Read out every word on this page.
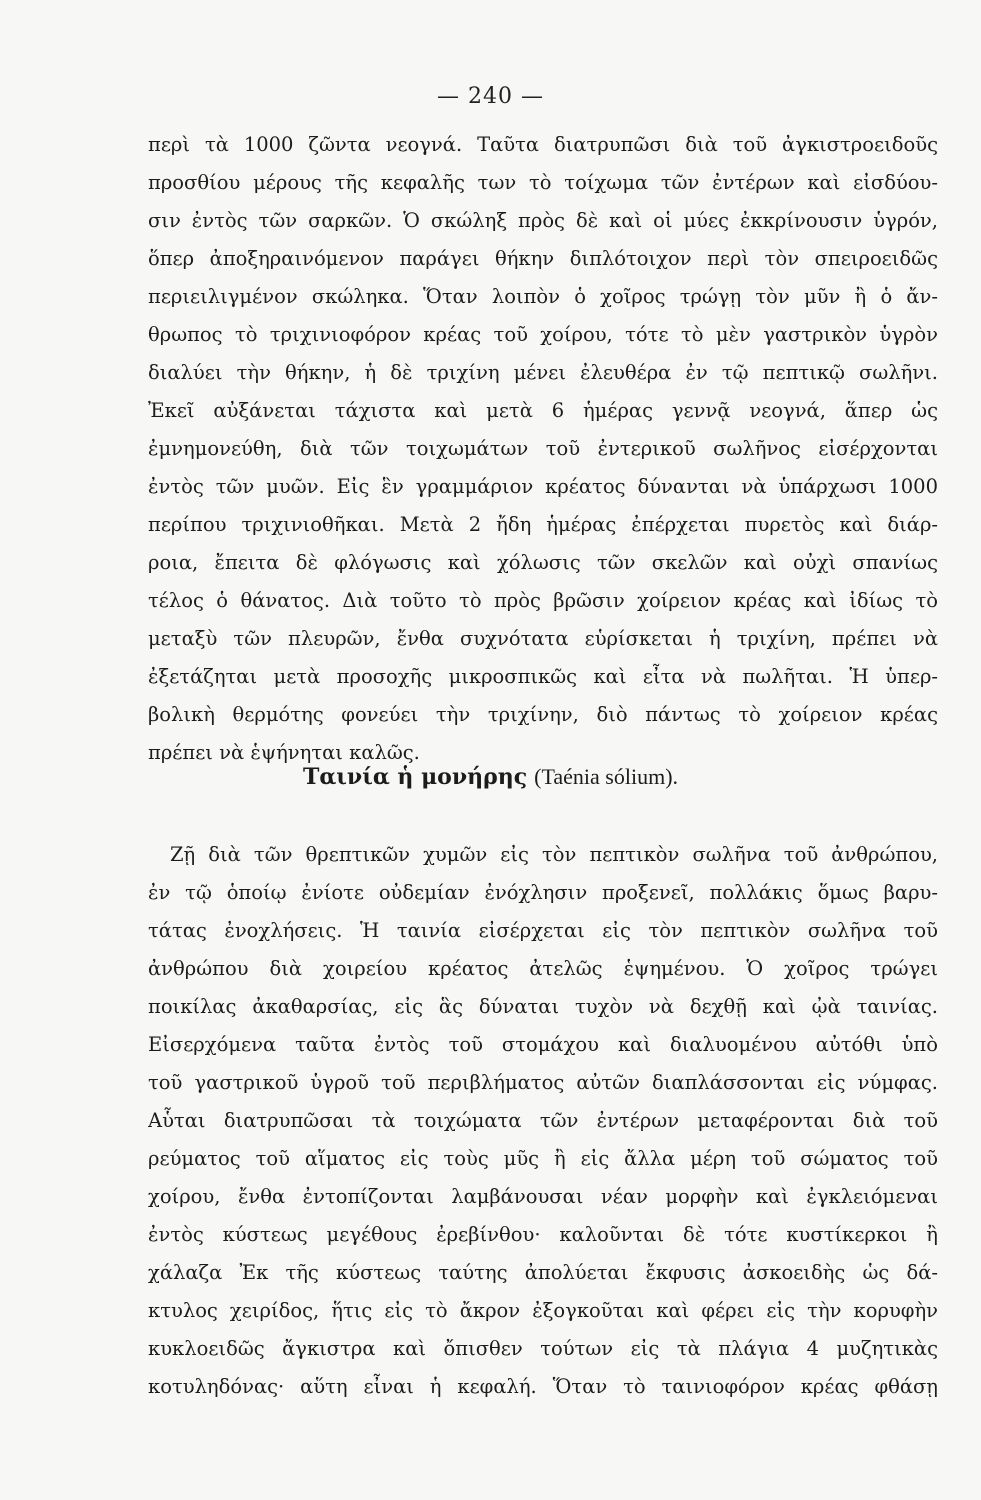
— 240 —
περὶ τὰ 1000 ζῶντα νεογνά. Ταῦτα διατρυπῶσι διὰ τοῦ ἀγκιστροειδοῦς
προσθίου μέρους τῆς κεφαλῆς των τὸ τοίχωμα τῶν ἐντέρων καὶ εἰσδύου-
σιν ἐντὸς τῶν σαρκῶν. Ὁ σκώληξ πρὸς δὲ καὶ οἱ μύες ἐκκρίνουσιν ὑγρόν,
ὅπερ ἀποξηραινόμενον παράγει θήκην διπλότοιχον περὶ τὸν σπειροειδῶς
περιειλιγμένον σκώληκα. Ὅταν λοιπὸν ὁ χοῖρος τρώγῃ τὸν μῦν ἢ ὁ ἄν-
θρωπος τὸ τριχινιοφόρον κρέας τοῦ χοίρου, τότε τὸ μὲν γαστρικὸν ὑγρὸν
διαλύει τὴν θήκην, ἡ δὲ τριχίνη μένει ἐλευθέρα ἐν τῷ πεπτικῷ σωλῆνι.
Ἐκεῖ αὐξάνεται τάχιστα καὶ μετὰ 6 ἡμέρας γεννᾷ νεογνά, ἅπερ ὡς
ἐμνημονεύθη, διὰ τῶν τοιχωμάτων τοῦ ἐντερικοῦ σωλῆνος εἰσέρχονται
ἐντὸς τῶν μυῶν. Εἰς ἓν γραμμάριον κρέατος δύνανται νὰ ὑπάρχωσι 1000
περίπου τριχινιοθῆκαι. Μετὰ 2 ἤδη ἡμέρας ἐπέρχεται πυρετὸς καὶ διάρ-
ροια, ἔπειτα δὲ φλόγωσις καὶ χόλωσις τῶν σκελῶν καὶ οὐχὶ σπανίως
τέλος ὁ θάνατος. Διὰ τοῦτο τὸ πρὸς βρῶσιν χοίρειον κρέας καὶ ἰδίως τὸ
μεταξὺ τῶν πλευρῶν, ἔνθα συχνότατα εὑρίσκεται ἡ τριχίνη, πρέπει νὰ
ἐξετάζηται μετὰ προσοχῆς μικροσπικῶς καὶ εἶτα νὰ πωλῆται. Ἡ ὑπερ-
βολικὴ θερμότης φονεύει τὴν τριχίνην, διὸ πάντως τὸ χοίρειον κρέας
πρέπει νὰ ἑψήνηται καλῶς.
Ταινία ἡ μονήρης (Taénia sólium).
Ζῇ διὰ τῶν θρεπτικῶν χυμῶν εἰς τὸν πεπτικὸν σωλῆνα τοῦ ἀνθρώπου,
ἐν τῷ ὁποίῳ ἐνίοτε οὐδεμίαν ἐνόχλησιν προξενεῖ, πολλάκις ὅμως βαρυ-
τάτας ἐνοχλήσεις. Ἡ ταινία εἰσέρχεται εἰς τὸν πεπτικὸν σωλῆνα τοῦ
ἀνθρώπου διὰ χοιρείου κρέατος ἀτελῶς ἑψημένου. Ὁ χοῖρος τρώγει
ποικίλας ἀκαθαρσίας, εἰς ἃς δύναται τυχὸν νὰ δεχθῇ καὶ ᾠὰ ταινίας.
Εἰσερχόμενα ταῦτα ἐντὸς τοῦ στομάχου καὶ διαλυομένου αὐτόθι ὑπὸ
τοῦ γαστρικοῦ ὑγροῦ τοῦ περιβλήματος αὐτῶν διαπλάσσονται εἰς νύμφας.
Αὗται διατρυπῶσαι τὰ τοιχώματα τῶν ἐντέρων μεταφέρονται διὰ τοῦ
ρεύματος τοῦ αἵματος εἰς τοὺς μῦς ἢ εἰς ἄλλα μέρη τοῦ σώματος τοῦ
χοίρου, ἔνθα ἐντοπίζονται λαμβάνουσαι νέαν μορφὴν καὶ ἐγκλειόμεναι
ἐντὸς κύστεως μεγέθους ἐρεβίνθου· καλοῦνται δὲ τότε κυστίκερκοι ἢ
χάλαζα Ἐκ τῆς κύστεως ταύτης ἀπολύεται ἔκφυσις ἀσκοειδὴς ὡς δά-
κτυλος χειρίδος, ἥτις εἰς τὸ ἄκρον ἐξογκοῦται καὶ φέρει εἰς τὴν κορυφὴν
κυκλοειδῶς ἄγκιστρα καὶ ὄπισθεν τούτων εἰς τὰ πλάγια 4 μυζητικὰς
κοτυληδόνας· αὕτη εἶναι ἡ κεφαλή. Ὅταν τὸ ταινιοφόρον κρέας φθάσῃ
